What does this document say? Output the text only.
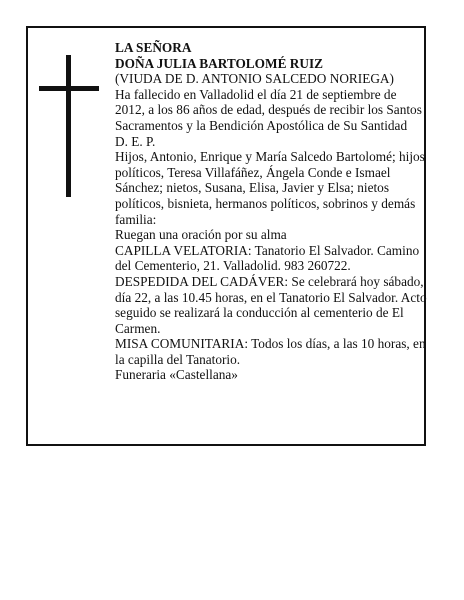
LA SEÑORA

DOÑA JULIA BARTOLOMÉ RUIZ

(VIUDA DE D. ANTONIO SALCEDO NORIEGA)

Ha fallecido en Valladolid el día 21 de septiembre de 2012, a los 86 años de edad, después de recibir los Santos Sacramentos y la Bendición Apostólica de Su Santidad

D. E. P.

Hijos, Antonio, Enrique y María Salcedo Bartolomé; hijos políticos, Teresa Villafáñez, Ángela Conde e Ismael Sánchez; nietos, Susana, Elisa, Javier y Elsa; nietos políticos, bisnieta, hermanos políticos, sobrinos y demás familia:

Ruegan una oración por su alma

CAPILLA VELATORIA: Tanatorio El Salvador. Camino del Cementerio, 21. Valladolid. 983 260722.

DESPEDIDA DEL CADÁVER: Se celebrará hoy sábado, día 22, a las 10.45 horas, en el Tanatorio El Salvador. Acto seguido se realizará la conducción al cementerio de El Carmen.

MISA COMUNITARIA: Todos los días, a las 10 horas, en la capilla del Tanatorio.

Funeraria «Castellana»
